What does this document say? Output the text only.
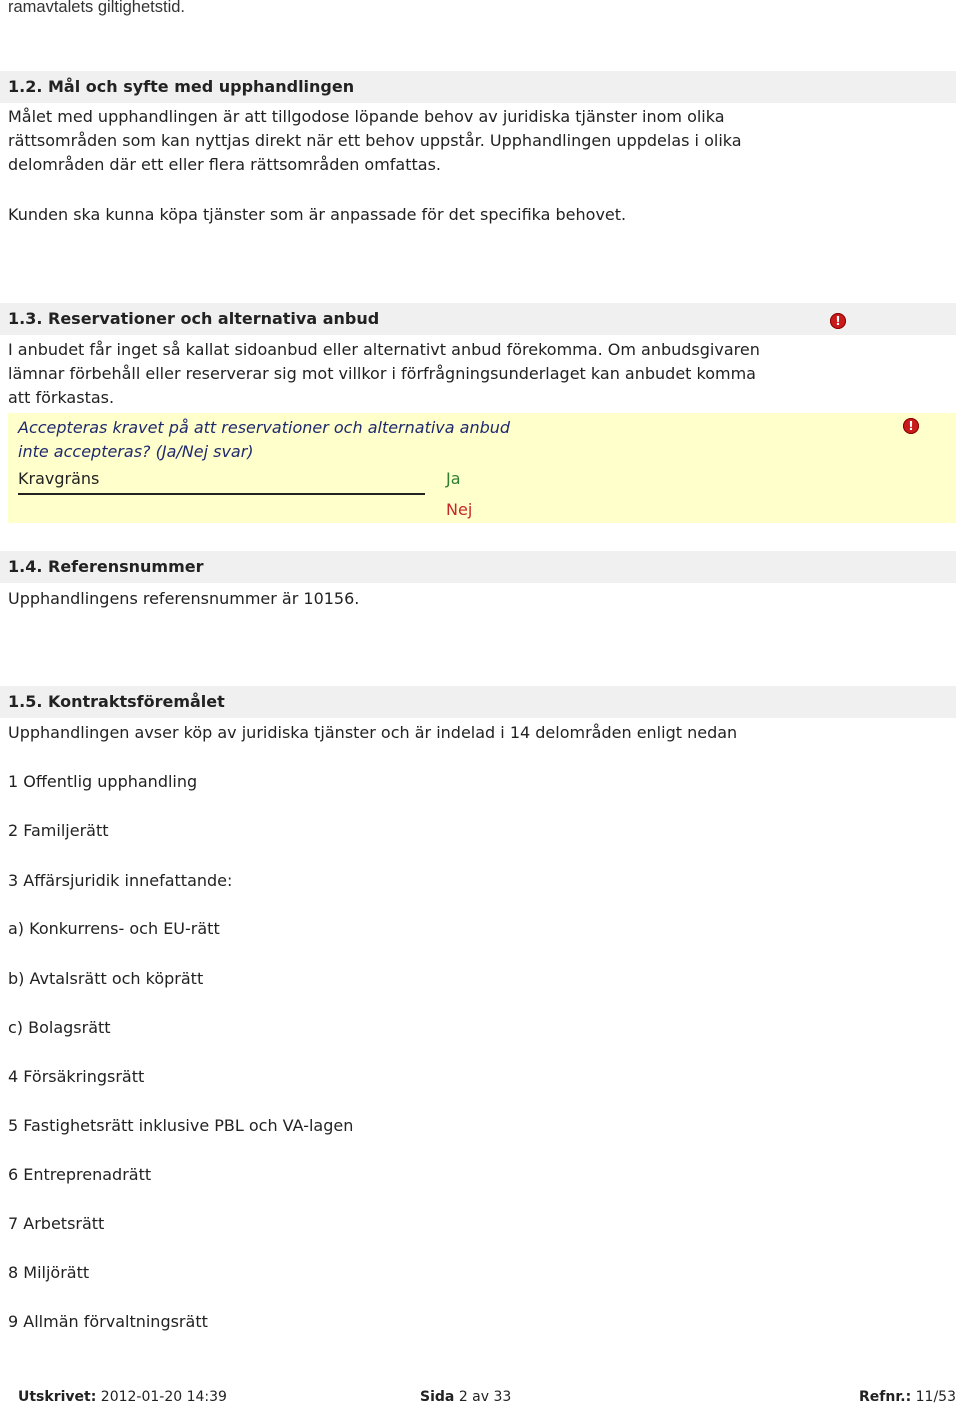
ramavtalets giltighetstid.
1.2. Mål och syfte med upphandlingen
Målet med upphandlingen är att tillgodose löpande behov av juridiska tjänster inom olika
rättsområden som kan nyttjas direkt när ett behov uppstår. Upphandlingen uppdelas i olika
delområden där ett eller flera rättsområden omfattas.
Kunden ska kunna köpa tjänster som är anpassade för det specifika behovet.
1.3. Reservationer och alternativa anbud	!
I anbudet får inget så kallat sidoanbud eller alternativt anbud förekomma. Om anbudsgivaren
lämnar förbehåll eller reserverar sig mot villkor i förfrågningsunderlaget kan anbudet komma
att förkastas.
!
Accepteras kravet på att reservationer och alternativa anbud
inte accepteras? (Ja/Nej svar)
Kravgräns	Ja
Nej
1.4. Referensnummer
Upphandlingens referensnummer är 10156.
1.5. Kontraktsföremålet
Upphandlingen avser köp av juridiska tjänster och är indelad i 14 delområden enligt nedan
1 Offentlig upphandling
2 Familjerätt
3 Affärsjuridik innefattande:
a) Konkurrens- och EU-rätt
b) Avtalsrätt och köprätt
c) Bolagsrätt
4 Försäkringsrätt
5 Fastighetsrätt inklusive PBL och VA-lagen
6 Entreprenadrätt
7 Arbetsrätt
8 Miljörätt
9 Allmän förvaltningsrätt
Utskrivet: 2012-01-20 14:39	Sida 2 av 33	Refnr.: 11/53
